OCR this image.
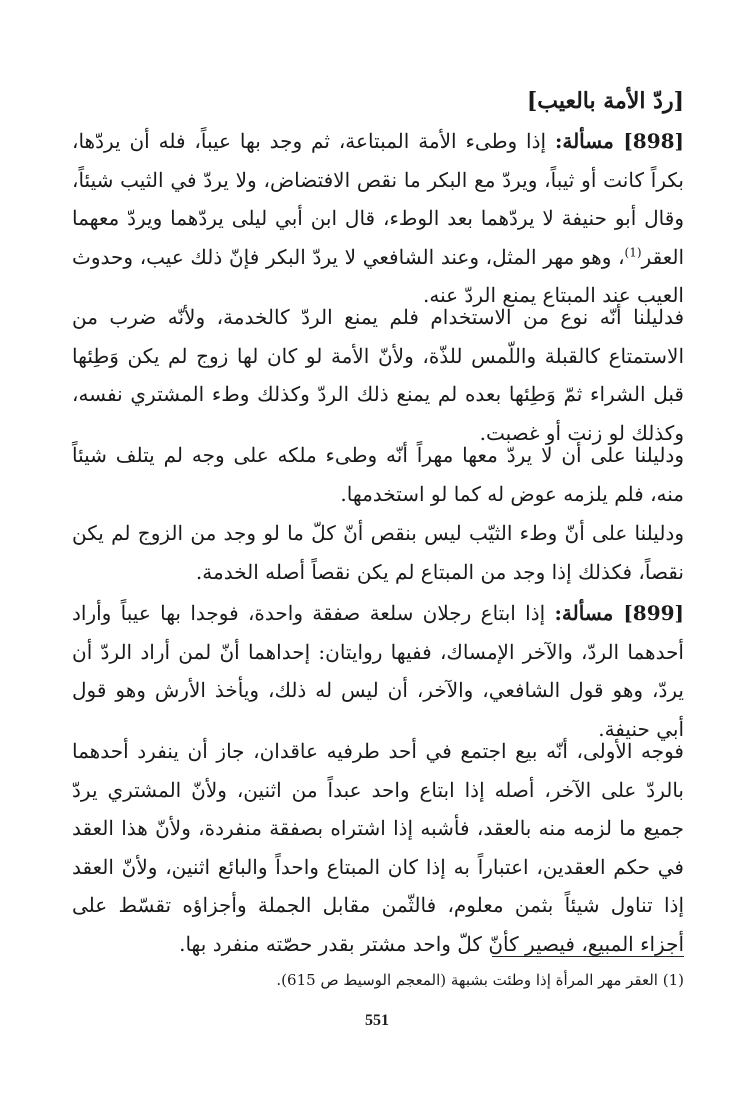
[ردّ الأمة بالعيب]

[898] مسألة: إذا وطىء الأمة المبتاعة، ثم وجد بها عيباً، فله أن يردّها، بكراً كانت أو ثيباً، ويردّ مع البكر ما نقص الافتضاض، ولا يردّ في الثيب شيئاً، وقال أبو حنيفة لا يردّهما بعد الوطء، قال ابن أبي ليلى يردّهما ويردّ معهما العقر$^{(1)}$، وهو مهر المثل، وعند الشافعي لا يردّ البكر فإنّ ذلك عيب، وحدوث العيب عند المبتاع يمنع الردّ عنه.

فدليلنا أنّه نوع من الاستخدام فلم يمنع الردّ كالخدمة، ولأنّه ضرب من الاستمتاع كالقبلة واللّمس للذّة، ولأنّ الأمة لو كان لها زوج لم يكن وَطِئها قبل الشراء ثمّ وَطِئها بعده لم يمنع ذلك الردّ وكذلك وطء المشتري نفسه، وكذلك لو زنت أو غصبت.

ودليلنا على أن لا يردّ معها مهراً أنّه وطىء ملكه على وجه لم يتلف شيئاً منه، فلم يلزمه عوض له كما لو استخدمها.

ودليلنا على أنّ وطء الثيّب ليس بنقص أنّ كلّ ما لو وجد من الزوج لم يكن نقصاً، فكذلك إذا وجد من المبتاع لم يكن نقصاً أصله الخدمة.

[899] مسألة: إذا ابتاع رجلان سلعة صفقة واحدة، فوجدا بها عيباً وأراد أحدهما الردّ، والآخر الإمساك، ففيها روايتان: إحداهما أنّ لمن أراد الردّ أن يردّ، وهو قول الشافعي، والآخر، أن ليس له ذلك، ويأخذ الأرش وهو قول أبي حنيفة.

فوجه الأولى، أنّه بيع اجتمع في أحد طرفيه عاقدان، جاز أن ينفرد أحدهما بالردّ على الآخر، أصله إذا ابتاع واحد عبداً من اثنين، ولأنّ المشتري يردّ جميع ما لزمه منه بالعقد، فأشبه إذا اشتراه بصفقة منفردة، ولأنّ هذا العقد في حكم العقدين، اعتباراً به إذا كان المبتاع واحداً والبائع اثنين، ولأنّ العقد إذا تناول شيئاً بثمن معلوم، فالثّمن مقابل الجملة وأجزاؤه تقسّط على أجزاء المبيع، فيصير كأنّ كلّ واحد مشتر بقدر حصّته منفرد بها.

(1) العقر مهر المرأة إذا وطئت بشبهة (المعجم الوسيط ص 615).
551
